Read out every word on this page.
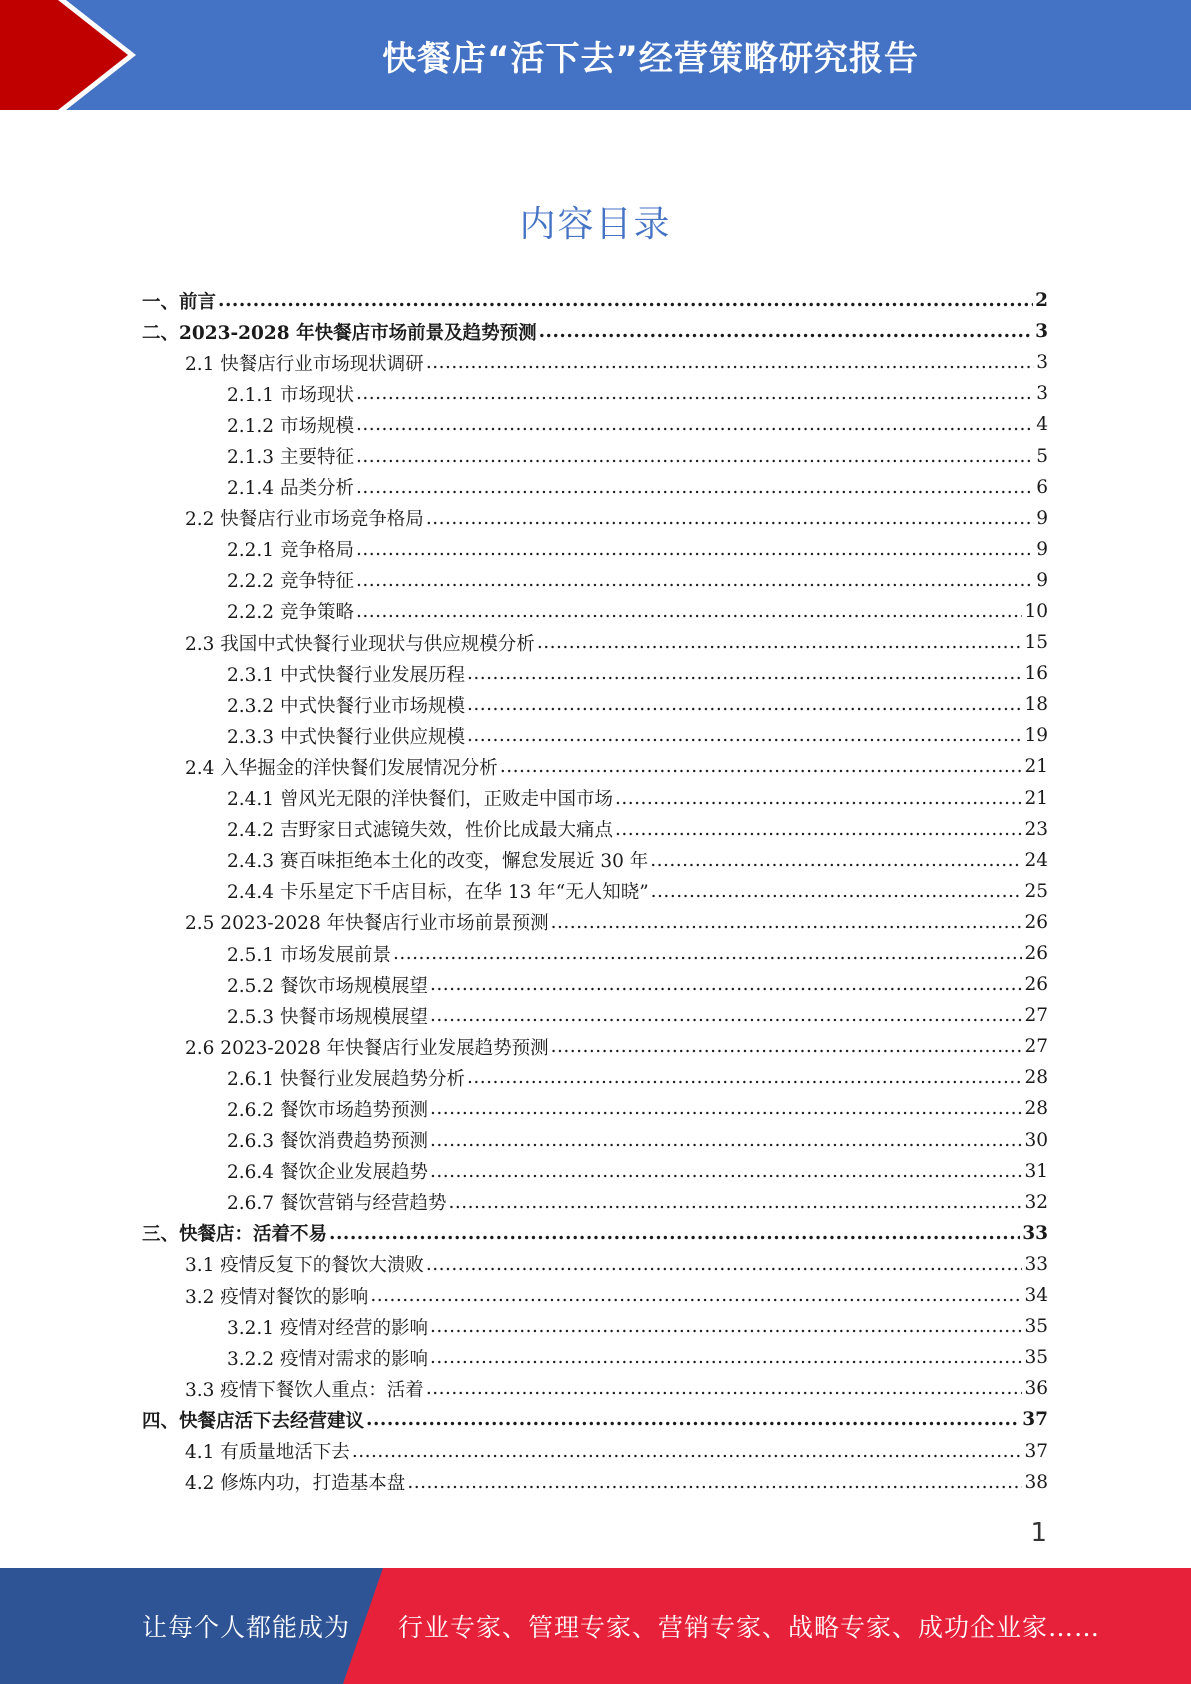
快餐店“活下去”经营策略研究报告
内容目录
一、前言 .....	2
二、2023-2028 年快餐店市场前景及趋势预测 .....	3
2.1 快餐店行业市场现状调研 .....	3
2.1.1 市场现状 .....	3
2.1.2 市场规模 .....	4
2.1.3 主要特征 .....	5
2.1.4 品类分析 .....	6
2.2 快餐店行业市场竞争格局 .....	9
2.2.1 竞争格局 .....	9
2.2.2 竞争特征 .....	9
2.2.2 竞争策略 .....	10
2.3 我国中式快餐行业现状与供应规模分析 .....	15
2.3.1 中式快餐行业发展历程 .....	16
2.3.2 中式快餐行业市场规模 .....	18
2.3.3 中式快餐行业供应规模 .....	19
2.4 入华掘金的洋快餐们发展情况分析 .....	21
2.4.1 曾风光无限的洋快餐们，正败走中国市场 .....	21
2.4.2 吉野家日式滤镜失效，性价比成最大痛点 .....	23
2.4.3 赛百味拒绝本土化的改变，懈怠发展近 30 年 .....	24
2.4.4 卡乐星定下千店目标，在华 13 年“无人知晓” .....	25
2.5 2023-2028 年快餐店行业市场前景预测 .....	26
2.5.1 市场发展前景 .....	26
2.5.2 餐饮市场规模展望 .....	26
2.5.3 快餐市场规模展望 .....	27
2.6 2023-2028 年快餐店行业发展趋势预测 .....	27
2.6.1 快餐行业发展趋势分析 .....	28
2.6.2 餐饮市场趋势预测 .....	28
2.6.3 餐饮消费趋势预测 .....	30
2.6.4 餐饮企业发展趋势 .....	31
2.6.7 餐饮营销与经营趋势 .....	32
三、快餐店：活着不易 .....	33
3.1 疫情反复下的餐饮大溃败 .....	33
3.2 疫情对餐饮的影响 .....	34
3.2.1 疫情对经营的影响 .....	35
3.2.2 疫情对需求的影响 .....	35
3.3 疫情下餐饮人重点：活着 .....	36
四、快餐店活下去经营建议 .....	37
4.1 有质量地活下去 .....	37
4.2 修炼内功，打造基本盘 .....	38
1
让每个人都能成为 行业专家、管理专家、营销专家、战略专家、成功企业家……
